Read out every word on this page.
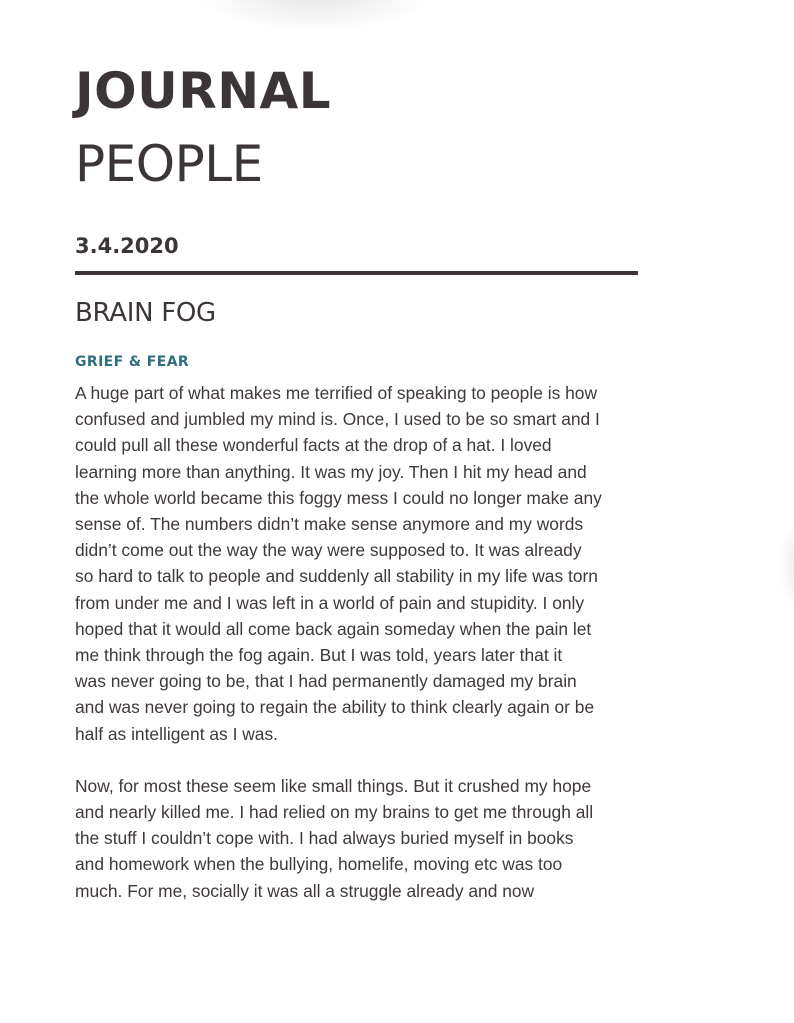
JOURNAL
PEOPLE
3.4.2020
BRAIN FOG
GRIEF & FEAR

A huge part of what makes me terrified of speaking to people is how
confused and jumbled my mind is. Once, I used to be so smart and I
could pull all these wonderful facts at the drop of a hat. I loved
learning more than anything. It was my joy. Then I hit my head and
the whole world became this foggy mess I could no longer make any
sense of. The numbers didn’t make sense anymore and my words
didn’t come out the way the way were supposed to. It was already
so hard to talk to people and suddenly all stability in my life was torn
from under me and I was left in a world of pain and stupidity. I only
hoped that it would all come back again someday when the pain let
me think through the fog again. But I was told, years later that it
was never going to be, that I had permanently damaged my brain
and was never going to regain the ability to think clearly again or be
half as intelligent as I was.

Now, for most these seem like small things. But it crushed my hope
and nearly killed me. I had relied on my brains to get me through all
the stuff I couldn’t cope with. I had always buried myself in books
and homework when the bullying, homelife, moving etc was too
much. For me, socially it was all a struggle already and now
